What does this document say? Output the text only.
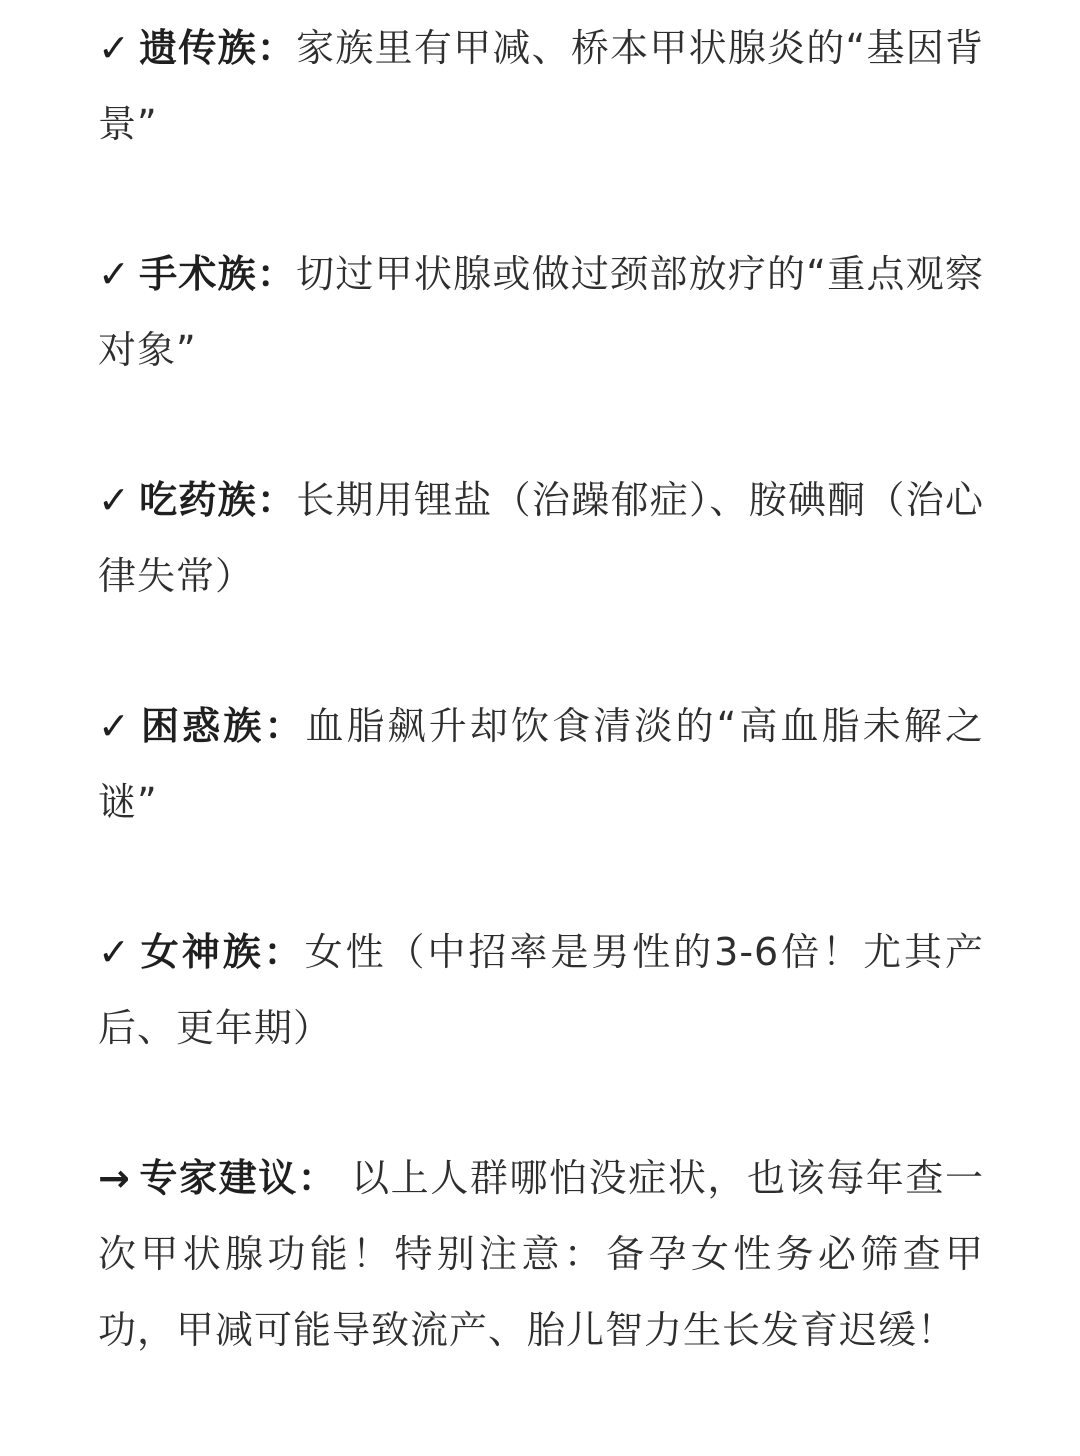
✓ 遗传族：家族里有甲减、桥本甲状腺炎的“基因背景”

✓ 手术族：切过甲状腺或做过颈部放疗的“重点观察对象”

✓ 吃药族：长期用锂盐（治躁郁症）、胺碘酮（治心律失常）

✓ 困惑族：血脂飙升却饮食清淡的“高血脂未解之谜”

✓ 女神族：女性（中招率是男性的3-6倍！尤其产后、更年期）

→ 专家建议： 以上人群哪怕没症状，也该每年查一次甲状腺功能！特别注意：备孕女性务必筛查甲功，甲减可能导致流产、胎儿智力生长发育迟缓！
